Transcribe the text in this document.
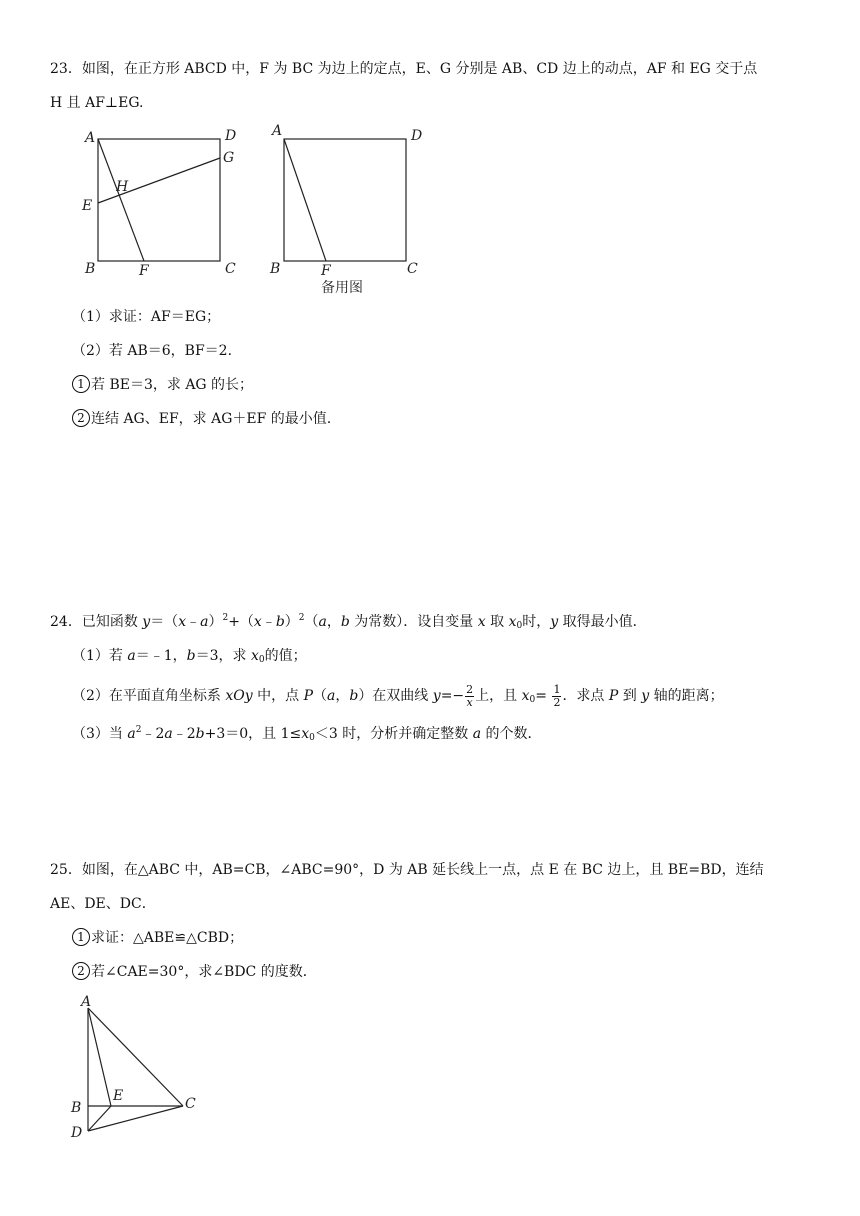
23．如图，在正方形 ABCD 中，F 为 BC 为边上的定点，E、G 分别是 AB、CD 边上的动点，AF 和 EG 交于点
H 且 AF⊥EG.
A	D
G
H
E
B	F	C
A	D
B	F	C
备用图
（1）求证：AF＝EG；
（2）若 AB＝6，BF＝2.
1 若 BE＝3，求 AG 的长；
2 连结 AG、EF，求 AG＋EF 的最小值.
24．已知函数 y＝（x﹣a）$^2$+（x﹣b）$^2$（a，b 为常数）．设自变量 x 取 $x_0$时，y 取得最小值．
（1）若 a＝﹣1，b＝3，求 $x_0$的值；
（2）在平面直角坐标系 xOy 中，点 P（a，b）在双曲线 $y=- \frac{2}{x}$ 上，且 $x_0= \frac{1}{2}$ ．求点 P 到 y 轴的距离；
（3）当 $a^2﹣2a﹣2b+3=0$，且 $1\le x_0<3$ 时，分析并确定整数 a 的个数．
25．如图，在△ABC 中，AB=CB，∠ABC=90°，D 为 AB 延长线上一点，点 E 在 BC 边上，且 BE=BD，连结
AE、DE、DC．
1 求证：△ABE≌△CBD；
2 若∠CAE=30°，求∠BDC 的度数．
A
B
E	C
D
